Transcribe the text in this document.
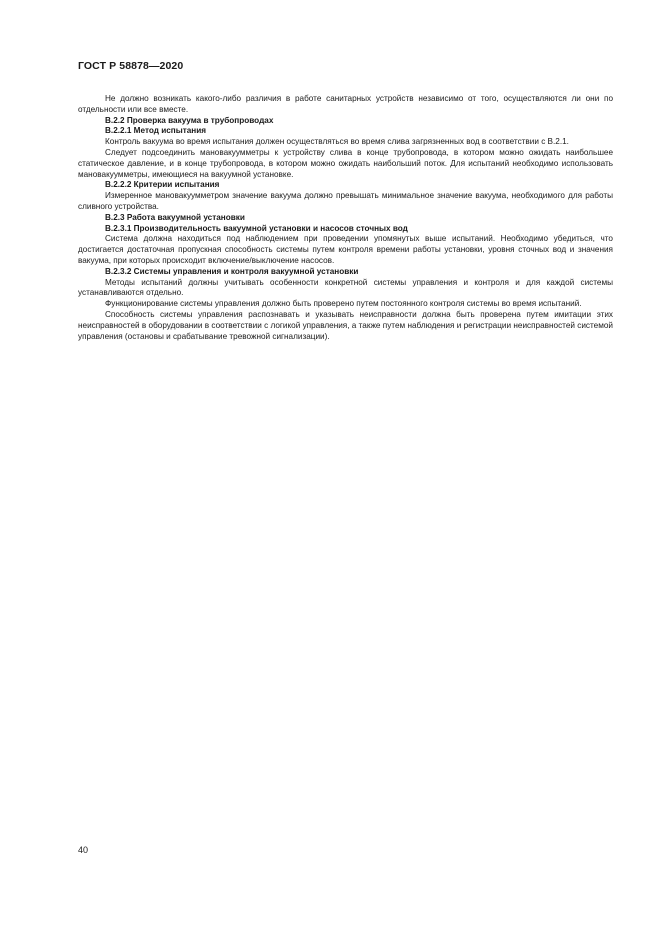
ГОСТ Р 58878—2020

Не должно возникать какого-либо различия в работе санитарных устройств независимо от того, осуществляются ли они по отдельности или все вместе.

В.2.2 Проверка вакуума в трубопроводах

В.2.2.1 Метод испытания

Контроль вакуума во время испытания должен осуществляться во время слива загрязненных вод в соответствии с В.2.1.

Следует подсоединить мановакуумметры к устройству слива в конце трубопровода, в котором можно ожидать наибольшее статическое давление, и в конце трубопровода, в котором можно ожидать наибольший поток. Для испытаний необходимо использовать мановакуумметры, имеющиеся на вакуумной установке.

В.2.2.2 Критерии испытания

Измеренное мановакуумметром значение вакуума должно превышать минимальное значение вакуума, необходимого для работы сливного устройства.

В.2.3 Работа вакуумной установки

В.2.3.1 Производительность вакуумной установки и насосов сточных вод

Система должна находиться под наблюдением при проведении упомянутых выше испытаний. Необходимо убедиться, что достигается достаточная пропускная способность системы путем контроля времени работы установки, уровня сточных вод и значения вакуума, при которых происходит включение/выключение насосов.

В.2.3.2 Системы управления и контроля вакуумной установки

Методы испытаний должны учитывать особенности конкретной системы управления и контроля и для каждой системы устанавливаются отдельно.

Функционирование системы управления должно быть проверено путем постоянного контроля системы во время испытаний.

Способность системы управления распознавать и указывать неисправности должна быть проверена путем имитации этих неисправностей в оборудовании в соответствии с логикой управления, а также путем наблюдения и регистрации неисправностей системой управления (остановы и срабатывание тревожной сигнализации).

40
